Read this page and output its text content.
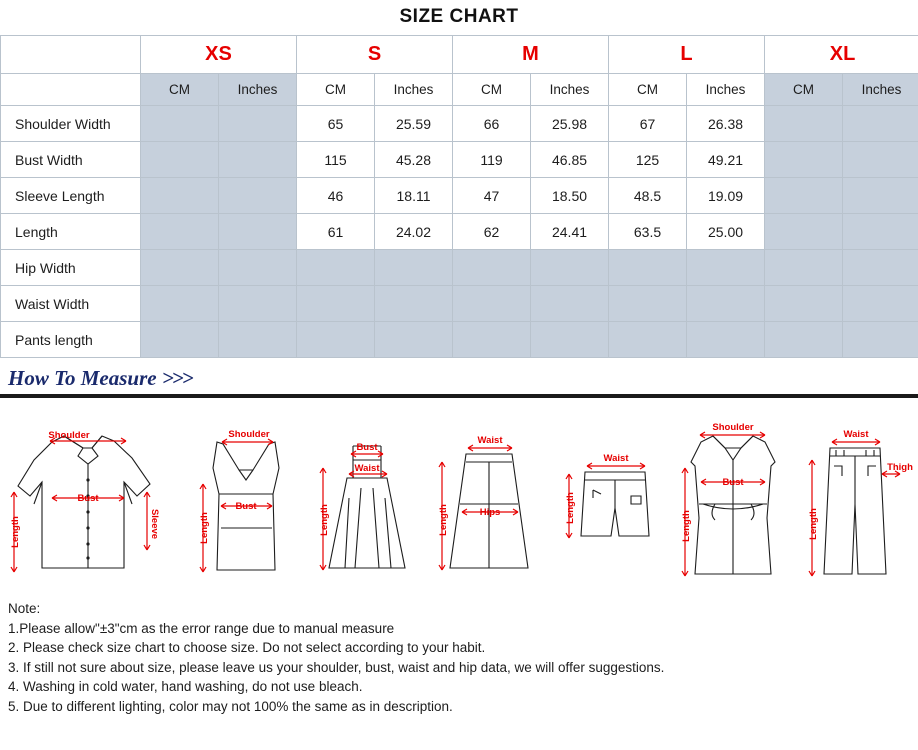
SIZE CHART
	XS		S		M		L		XL	
	CM	Inches	CM	Inches	CM	Inches	CM	Inches	CM	Inches
Shoulder Width			65	25.59	66	25.98	67	26.38		
Bust Width			115	45.28	119	46.85	125	49.21		
Sleeve Length			46	18.11	47	18.50	48.5	19.09		
Length			61	24.02	62	24.41	63.5	25.00		
Hip Width										
Waist Width										
Pants length										
How To Measure >>>
Shoulder
Bust
Sleeve
Length
Shoulder
Bust
Length
Bust
Waist
Length
Waist
Hips
Length
Waist
Length
Shoulder
Bust
Length
Waist
Thigh
Length
Note:
1.Please allow"±3"cm as the error range due to manual measure
2. Please check size chart to choose size. Do not select according to your habit.
3. If still not sure about size, please leave us your shoulder, bust, waist and hip data, we will offer suggestions.
4. Washing in cold water, hand washing, do not use bleach.
5. Due to different lighting, color may not 100% the same as in description.
